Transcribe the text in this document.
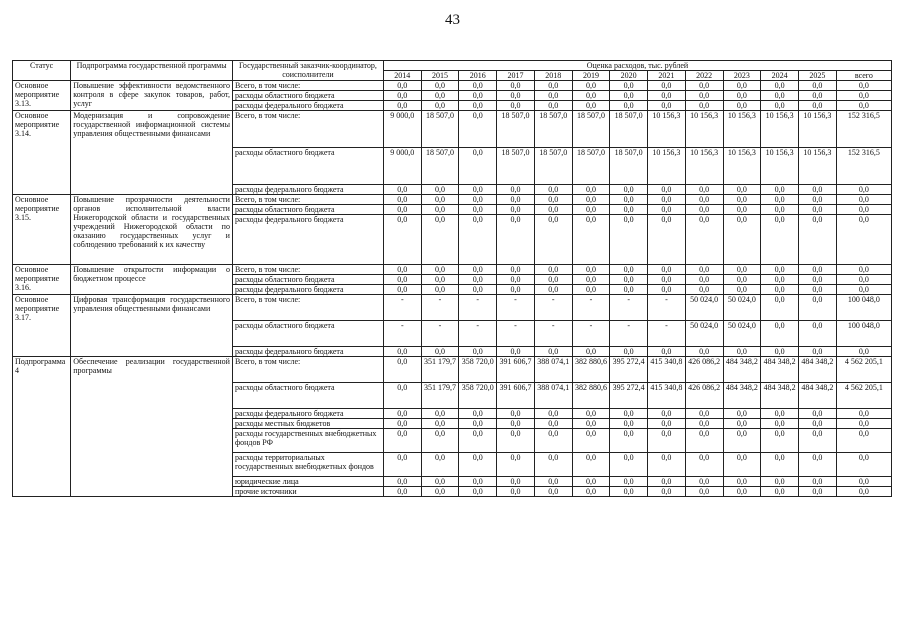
43
Статус	Подпрограмма государственной программы	Государственный заказчик-координатор, соисполнители	Оценка расходов, тыс. рублей												
			2014	2015	2016	2017	2018	2019	2020	2021	2022	2023	2024	2025	всего
Основное мероприятие 3.13.	Повышение эффективности ведомственного контроля в сфере закупок товаров, работ, услуг	Всего, в том числе:	0,0	0,0	0,0	0,0	0,0	0,0	0,0	0,0	0,0	0,0	0,0	0,0	0,0
		расходы областного бюджета	0,0	0,0	0,0	0,0	0,0	0,0	0,0	0,0	0,0	0,0	0,0	0,0	0,0
		расходы федерального бюджета	0,0	0,0	0,0	0,0	0,0	0,0	0,0	0,0	0,0	0,0	0,0	0,0	0,0
Основное мероприятие 3.14.	Модернизация и сопровождение государственной информационной системы управления общественными финансами	Всего, в том числе:	9 000,0	18 507,0	0,0	18 507,0	18 507,0	18 507,0	18 507,0	10 156,3	10 156,3	10 156,3	10 156,3	10 156,3	152 316,5
		расходы областного бюджета	9 000,0	18 507,0	0,0	18 507,0	18 507,0	18 507,0	18 507,0	10 156,3	10 156,3	10 156,3	10 156,3	10 156,3	152 316,5
		расходы федерального бюджета	0,0	0,0	0,0	0,0	0,0	0,0	0,0	0,0	0,0	0,0	0,0	0,0	0,0
Основное мероприятие 3.15.	Повышение прозрачности деятельности органов исполнительной власти Нижегородской области и государственных учреждений Нижегородской области по оказанию государственных услуг и соблюдению требований к их качеству	Всего, в том числе:	0,0	0,0	0,0	0,0	0,0	0,0	0,0	0,0	0,0	0,0	0,0	0,0	0,0
		расходы областного бюджета	0,0	0,0	0,0	0,0	0,0	0,0	0,0	0,0	0,0	0,0	0,0	0,0	0,0
		расходы федерального бюджета	0,0	0,0	0,0	0,0	0,0	0,0	0,0	0,0	0,0	0,0	0,0	0,0	0,0
Основное мероприятие 3.16.	Повышение открытости информации о бюджетном процессе	Всего, в том числе:	0,0	0,0	0,0	0,0	0,0	0,0	0,0	0,0	0,0	0,0	0,0	0,0	0,0
		расходы областного бюджета	0,0	0,0	0,0	0,0	0,0	0,0	0,0	0,0	0,0	0,0	0,0	0,0	0,0
		расходы федерального бюджета	0,0	0,0	0,0	0,0	0,0	0,0	0,0	0,0	0,0	0,0	0,0	0,0	0,0
Основное мероприятие 3.17.	Цифровая трансформация государственного управления общественными финансами	Всего, в том числе:	-	-	-	-	-	-	-	-	50 024,0	50 024,0	0,0	0,0	100 048,0
		расходы областного бюджета	-	-	-	-	-	-	-	-	50 024,0	50 024,0	0,0	0,0	100 048,0
		расходы федерального бюджета	0,0	0,0	0,0	0,0	0,0	0,0	0,0	0,0	0,0	0,0	0,0	0,0	0,0
Подпрограмма 4	Обеспечение реализации государственной программы	Всего, в том числе:	0,0	351 179,7	358 720,0	391 606,7	388 074,1	382 880,6	395 272,4	415 340,8	426 086,2	484 348,2	484 348,2	484 348,2	4 562 205,1
		расходы областного бюджета	0,0	351 179,7	358 720,0	391 606,7	388 074,1	382 880,6	395 272,4	415 340,8	426 086,2	484 348,2	484 348,2	484 348,2	4 562 205,1
		расходы федерального бюджета	0,0	0,0	0,0	0,0	0,0	0,0	0,0	0,0	0,0	0,0	0,0	0,0	0,0
		расходы местных бюджетов	0,0	0,0	0,0	0,0	0,0	0,0	0,0	0,0	0,0	0,0	0,0	0,0	0,0
		расходы государственных внебюджетных фондов РФ	0,0	0,0	0,0	0,0	0,0	0,0	0,0	0,0	0,0	0,0	0,0	0,0	0,0
		расходы территориальных государственных внебюджетных фондов	0,0	0,0	0,0	0,0	0,0	0,0	0,0	0,0	0,0	0,0	0,0	0,0	0,0
		юридические лица	0,0	0,0	0,0	0,0	0,0	0,0	0,0	0,0	0,0	0,0	0,0	0,0	0,0
		прочие источники	0,0	0,0	0,0	0,0	0,0	0,0	0,0	0,0	0,0	0,0	0,0	0,0	0,0
